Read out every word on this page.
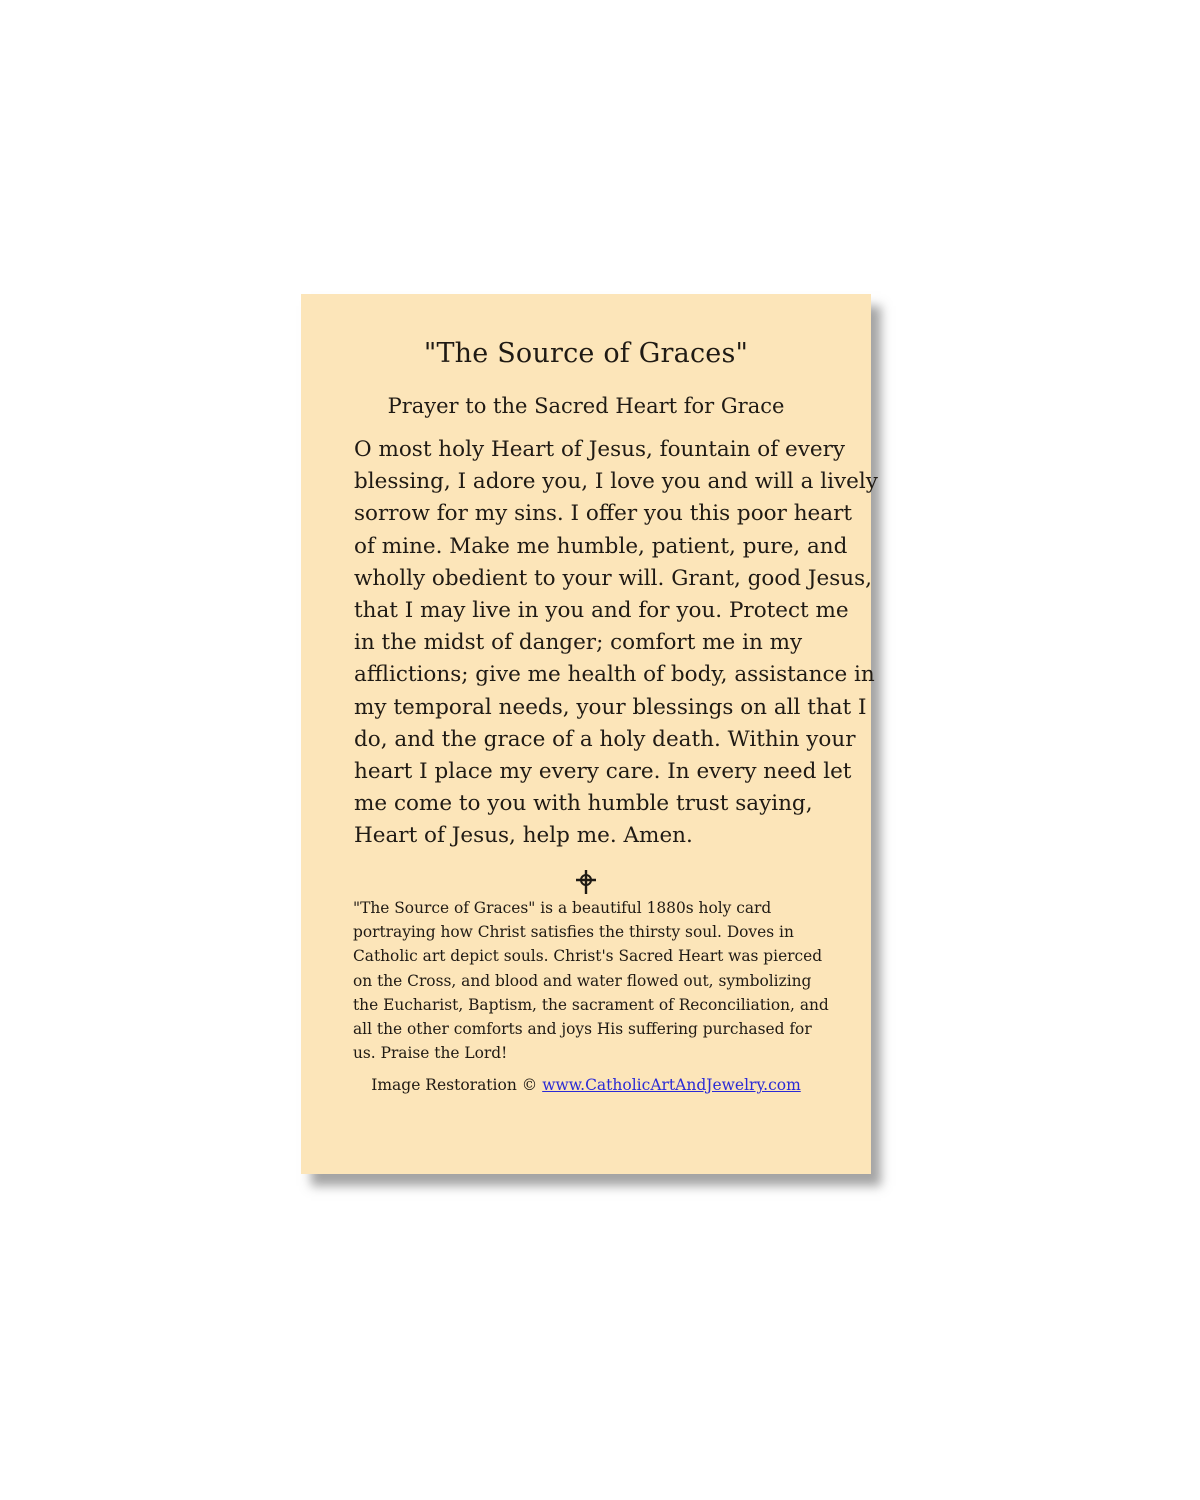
"The Source of Graces"

Prayer to the Sacred Heart for Grace

O most holy Heart of Jesus, fountain of every
blessing, I adore you, I love you and will a lively
sorrow for my sins. I offer you this poor heart
of mine. Make me humble, patient, pure, and
wholly obedient to your will. Grant, good Jesus,
that I may live in you and for you. Protect me
in the midst of danger; comfort me in my
afflictions; give me health of body, assistance in
my temporal needs, your blessings on all that I
do, and the grace of a holy death. Within your
heart I place my every care. In every need let
me come to you with humble trust saying,
Heart of Jesus, help me. Amen.

"The Source of Graces" is a beautiful 1880s holy card
portraying how Christ satisfies the thirsty soul. Doves in
Catholic art depict souls. Christ's Sacred Heart was pierced
on the Cross, and blood and water flowed out, symbolizing
the Eucharist, Baptism, the sacrament of Reconciliation, and
all the other comforts and joys His suffering purchased for
us. Praise the Lord!

Image Restoration © www.CatholicArtAndJewelry.com
